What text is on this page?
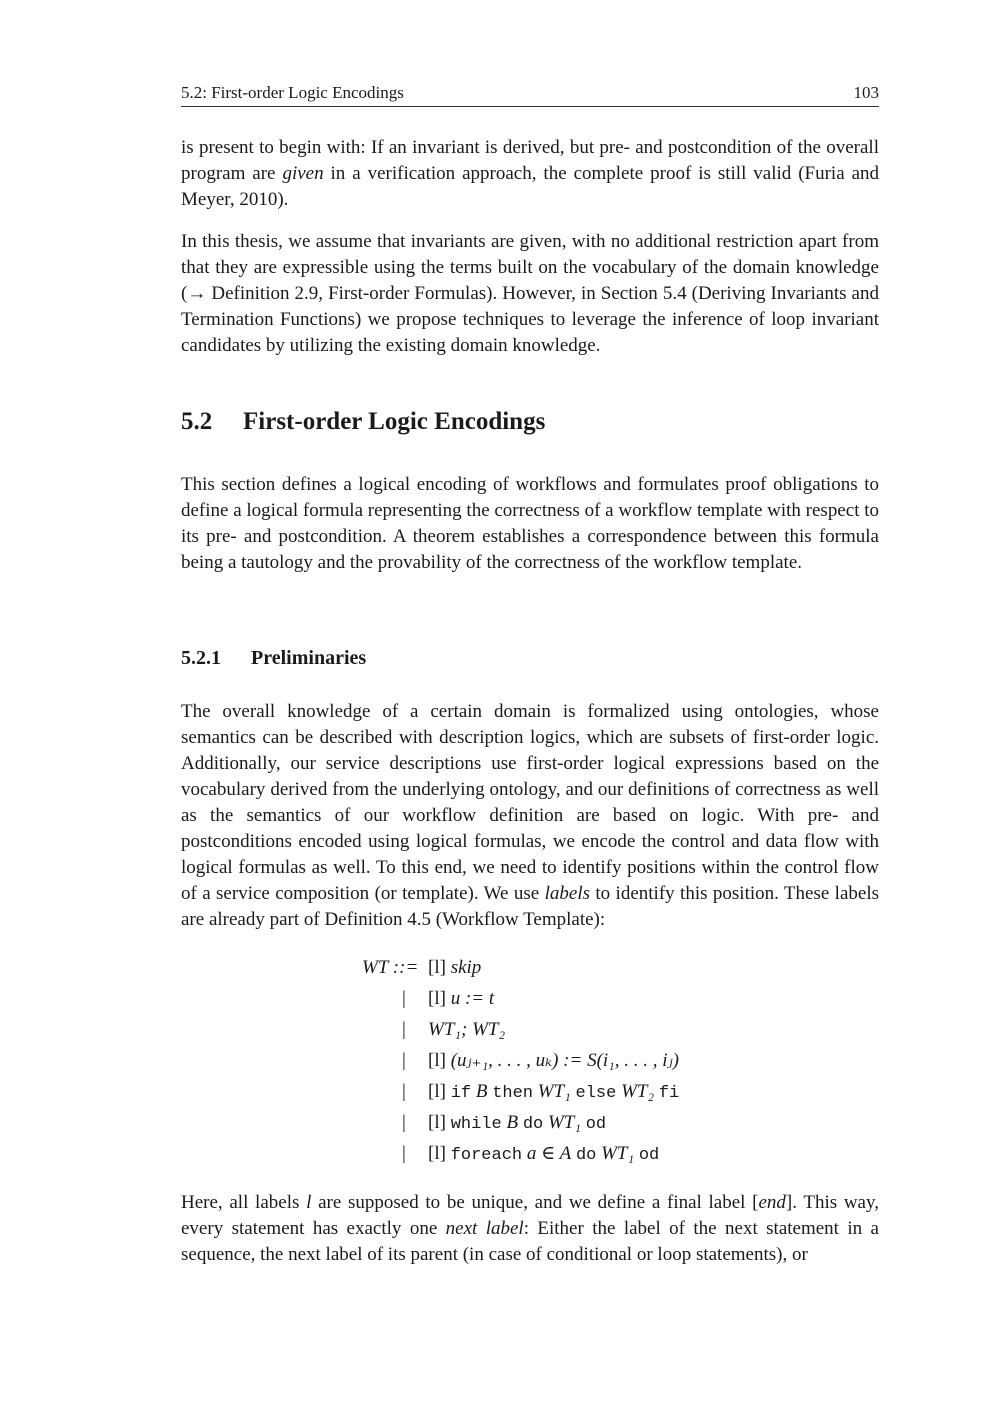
5.2: First-order Logic Encodings	103

is present to begin with: If an invariant is derived, but pre- and postcondition of the overall program are given in a verification approach, the complete proof is still valid (Furia and Meyer, 2010).

In this thesis, we assume that invariants are given, with no additional restriction apart from that they are expressible using the terms built on the vocabulary of the domain knowledge (→ Definition 2.9, First-order Formulas). However, in Section 5.4 (Deriving Invariants and Termination Functions) we propose techniques to leverage the inference of loop invariant candidates by utilizing the existing domain knowledge.

5.2 First-order Logic Encodings

This section defines a logical encoding of workflows and formulates proof obligations to define a logical formula representing the correctness of a workflow template with respect to its pre- and postcondition. A theorem establishes a correspondence between this formula being a tautology and the provability of the correctness of the workflow template.

5.2.1 Preliminaries

The overall knowledge of a certain domain is formalized using ontologies, whose semantics can be described with description logics, which are subsets of first-order logic. Additionally, our service descriptions use first-order logical expressions based on the vocabulary derived from the underlying ontology, and our definitions of correctness as well as the semantics of our workflow definition are based on logic. With pre- and postconditions encoded using logical formulas, we encode the control and data flow with logical formulas as well. To this end, we need to identify positions within the control flow of a service composition (or template). We use labels to identify this position. These labels are already part of Definition 4.5 (Workflow Template):

WT ::= [l] skip
| [l] u := t
| WT₁; WT₂
| [l] (uⱼ₊₁, . . . , uₖ) := S(i₁, . . . , iⱼ)
| [l] if B then WT₁ else WT₂ fi
| [l] while B do WT₁ od
| [l] foreach a ∈ A do WT₁ od

Here, all labels l are supposed to be unique, and we define a final label [end]. This way, every statement has exactly one next label: Either the label of the next statement in a sequence, the next label of its parent (in case of conditional or loop statements), or
